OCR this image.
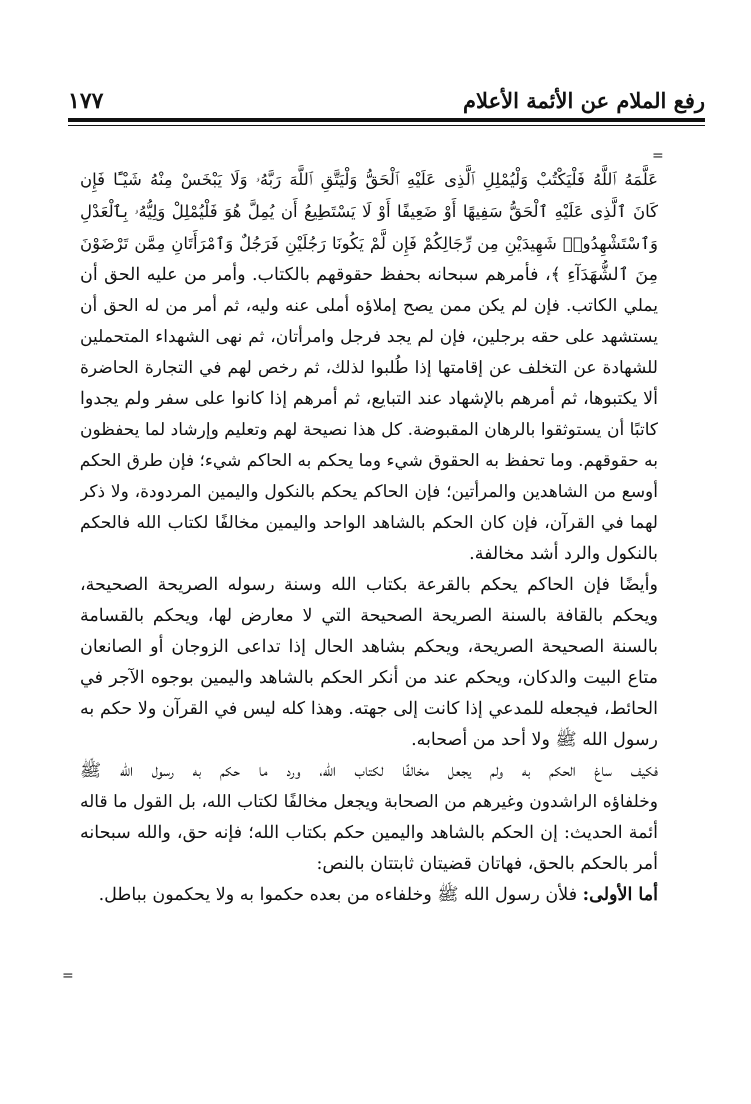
رفع الملام عن الأئمة الأعلام
١٧٧
=
عَلَّمَهُ ٱللَّهُ فَلْيَكْتُبْ وَلْيُمْلِلِ ٱلَّذِى عَلَيْهِ ٱلْحَقُّ وَلْيَتَّقِ ٱللَّهَ رَبَّهُۥ وَلَا يَبْخَسْ مِنْهُ شَيْـًٔا فَإِن
كَانَ ٱلَّذِى عَلَيْهِ ٱلْحَقُّ سَفِيهًا أَوْ ضَعِيفًا أَوْ لَا يَسْتَطِيعُ أَن يُمِلَّ هُوَ فَلْيُمْلِلْ وَلِيُّهُۥ بِٱلْعَدْلِ
وَٱسْتَشْهِدُوا۟ شَهِيدَيْنِ مِن رِّجَالِكُمْ فَإِن لَّمْ يَكُونَا رَجُلَيْنِ فَرَجُلٌ وَٱمْرَأَتَانِ مِمَّن تَرْضَوْنَ
مِنَ ٱلشُّهَدَآءِ ﴾، فأمرهم سبحانه بحفظ حقوقهم بالكتاب. وأمر من عليه الحق أن
يملي الكاتب. فإن لم يكن ممن يصح إملاؤه أملى عنه وليه، ثم أمر من له الحق أن
يستشهد على حقه برجلين، فإن لم يجد فرجل وامرأتان، ثم نهى الشهداء المتحملين
للشهادة عن التخلف عن إقامتها إذا طُلبوا لذلك، ثم رخص لهم في التجارة الحاضرة
ألا يكتبوها، ثم أمرهم بالإشهاد عند التبايع، ثم أمرهم إذا كانوا على سفر ولم يجدوا
كاتبًا أن يستوثقوا بالرهان المقبوضة. كل هذا نصيحة لهم وتعليم وإرشاد لما يحفظون
به حقوقهم. وما تحفظ به الحقوق شيء وما يحكم به الحاكم شيء؛ فإن طرق الحكم
أوسع من الشاهدين والمرأتين؛ فإن الحاكم يحكم بالنكول واليمين المردودة، ولا ذكر
لهما في القرآن، فإن كان الحكم بالشاهد الواحد واليمين مخالفًا لكتاب الله فالحكم
بالنكول والرد أشد مخالفة.
وأيضًا فإن الحاكم يحكم بالقرعة بكتاب الله وسنة رسوله الصريحة الصحيحة،
ويحكم بالقافة بالسنة الصريحة الصحيحة التي لا معارض لها، ويحكم بالقسامة
بالسنة الصحيحة الصريحة، ويحكم بشاهد الحال إذا تداعى الزوجان أو الصانعان
متاع البيت والدكان، ويحكم عند من أنكر الحكم بالشاهد واليمين بوجوه الآجر في
الحائط، فيجعله للمدعي إذا كانت إلى جهته. وهذا كله ليس في القرآن ولا حكم به
رسول الله ﷺ ولا أحد من أصحابه.
فكيف ساغ الحكم به ولم يجعل مخالفًا لكتاب الله، ورد ما حكم به رسول الله ﷺ
وخلفاؤه الراشدون وغيرهم من الصحابة ويجعل مخالفًا لكتاب الله، بل القول ما قاله
أئمة الحديث: إن الحكم بالشاهد واليمين حكم بكتاب الله؛ فإنه حق، والله سبحانه
أمر بالحكم بالحق، فهاتان قضيتان ثابتتان بالنص:
أما الأولى: فلأن رسول الله ﷺ وخلفاءه من بعده حكموا به ولا يحكمون بباطل.
=
